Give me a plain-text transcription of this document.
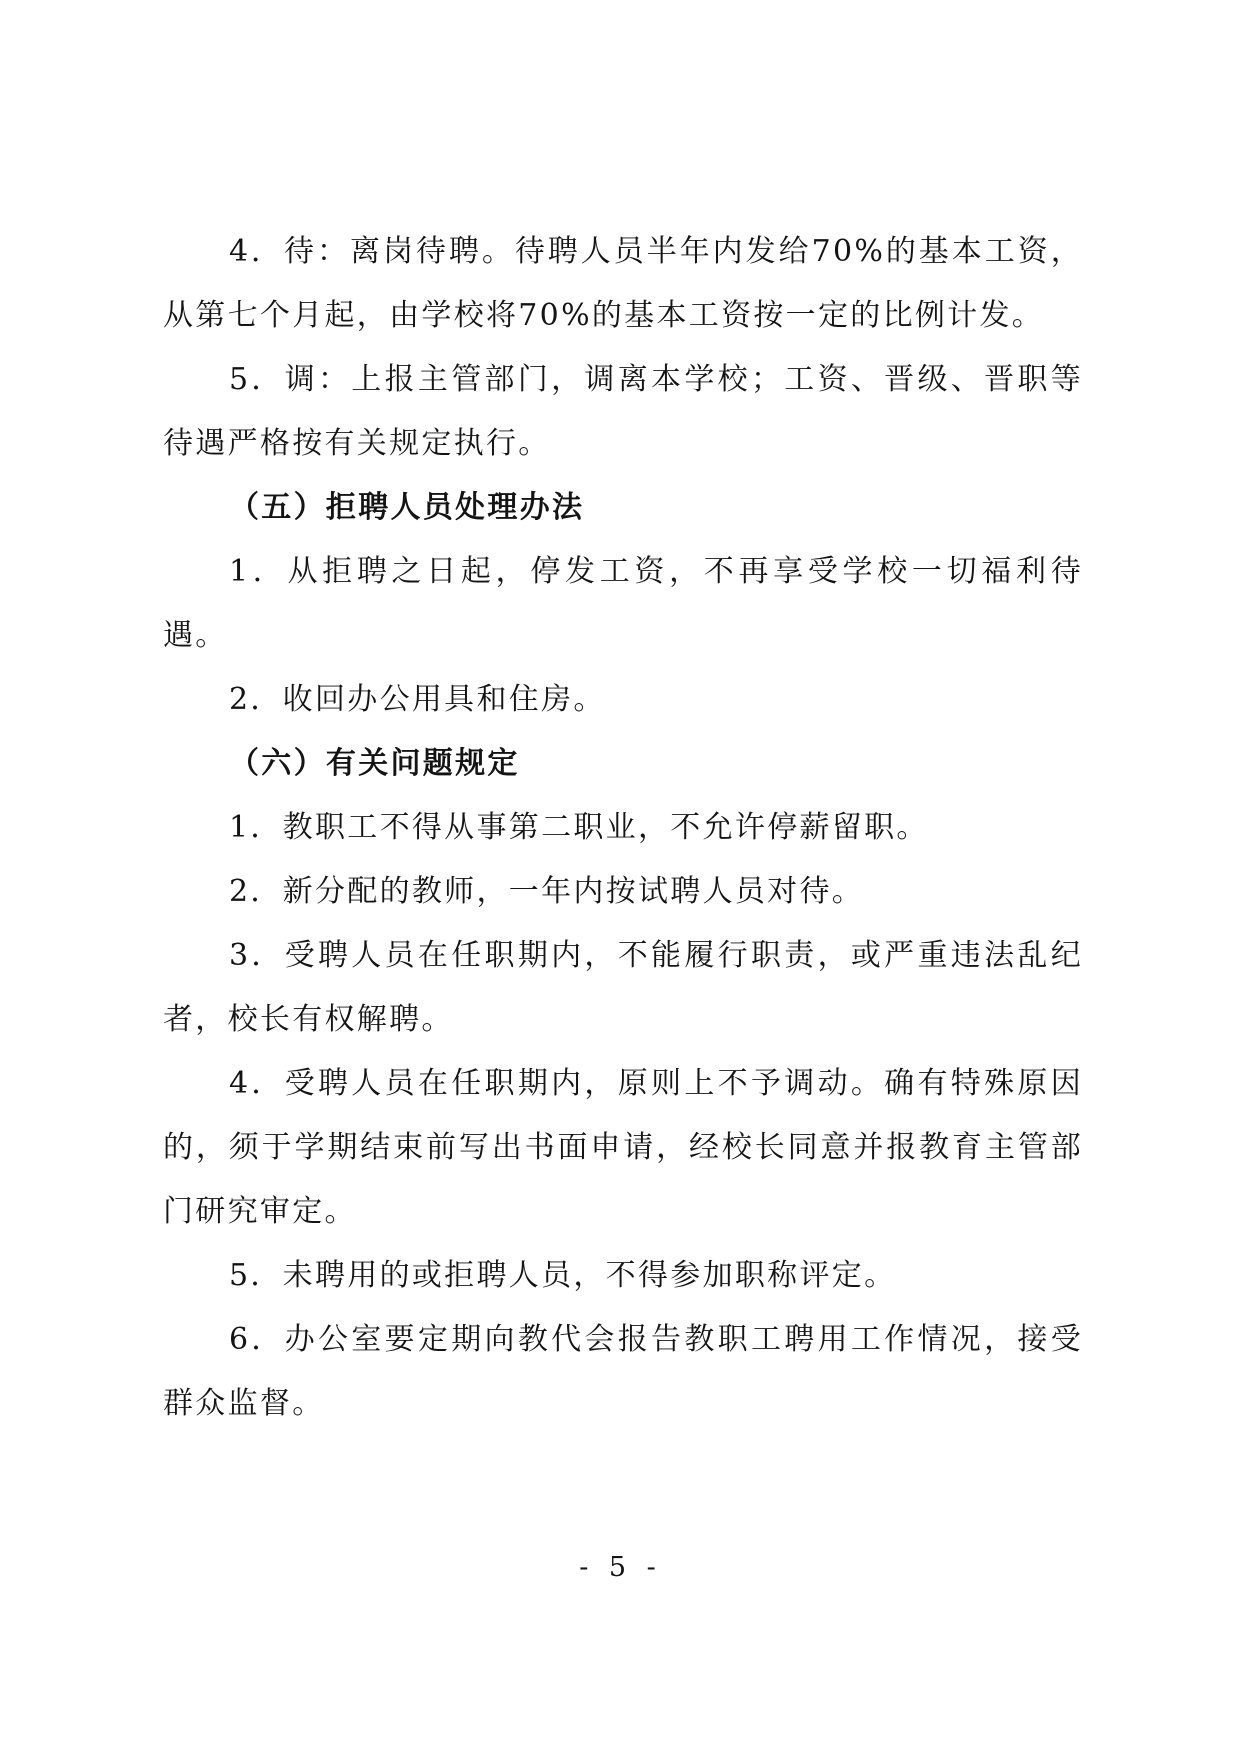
4．待：离岗待聘。待聘人员半年内发给70%的基本工资，从第七个月起，由学校将70%的基本工资按一定的比例计发。

5．调：上报主管部门，调离本学校；工资、晋级、晋职等待遇严格按有关规定执行。

（五）拒聘人员处理办法

1．从拒聘之日起，停发工资，不再享受学校一切福利待遇。

2．收回办公用具和住房。

（六）有关问题规定

1．教职工不得从事第二职业，不允许停薪留职。

2．新分配的教师，一年内按试聘人员对待。

3．受聘人员在任职期内，不能履行职责，或严重违法乱纪者，校长有权解聘。

4．受聘人员在任职期内，原则上不予调动。确有特殊原因的，须于学期结束前写出书面申请，经校长同意并报教育主管部门研究审定。

5．未聘用的或拒聘人员，不得参加职称评定。

6．办公室要定期向教代会报告教职工聘用工作情况，接受群众监督。

- 5 -
